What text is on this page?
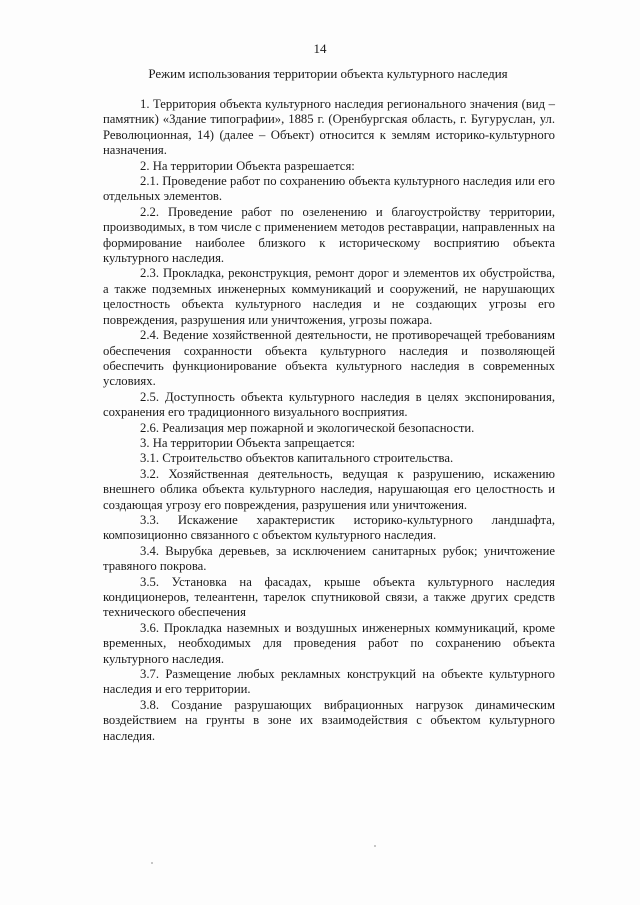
14
Режим использования территории объекта культурного наследия

1. Территория объекта культурного наследия регионального значения (вид – памятник) «Здание типографии», 1885 г. (Оренбургская область, г. Бугуруслан, ул. Революционная, 14) (далее – Объект) относится к землям историко-культурного назначения.

2. На территории Объекта разрешается:

2.1. Проведение работ по сохранению объекта культурного наследия или его отдельных элементов.

2.2. Проведение работ по озеленению и благоустройству территории, производимых, в том числе с применением методов реставрации, направленных на формирование наиболее близкого к историческому восприятию объекта культурного наследия.

2.3. Прокладка, реконструкция, ремонт дорог и элементов их обустройства, а также подземных инженерных коммуникаций и сооружений, не нарушающих целостность объекта культурного наследия и не создающих угрозы его повреждения, разрушения или уничтожения, угрозы пожара.

2.4. Ведение хозяйственной деятельности, не противоречащей требованиям обеспечения сохранности объекта культурного наследия и позволяющей обеспечить функционирование объекта культурного наследия в современных условиях.

2.5. Доступность объекта культурного наследия в целях экспонирования, сохранения его традиционного визуального восприятия.

2.6. Реализация мер пожарной и экологической безопасности.

3. На территории Объекта запрещается:

3.1. Строительство объектов капитального строительства.

3.2. Хозяйственная деятельность, ведущая к разрушению, искажению внешнего облика объекта культурного наследия, нарушающая его целостность и создающая угрозу его повреждения, разрушения или уничтожения.

3.3. Искажение характеристик историко-культурного ландшафта, композиционно связанного с объектом культурного наследия.

3.4. Вырубка деревьев, за исключением санитарных рубок; уничтожение травяного покрова.

3.5. Установка на фасадах, крыше объекта культурного наследия кондиционеров, телеантенн, тарелок спутниковой связи, а также других средств технического обеспечения

3.6. Прокладка наземных и воздушных инженерных коммуникаций, кроме временных, необходимых для проведения работ по сохранению объекта культурного наследия.

3.7. Размещение любых рекламных конструкций на объекте культурного наследия и его территории.

3.8. Создание разрушающих вибрационных нагрузок динамическим воздействием на грунты в зоне их взаимодействия с объектом культурного наследия.
